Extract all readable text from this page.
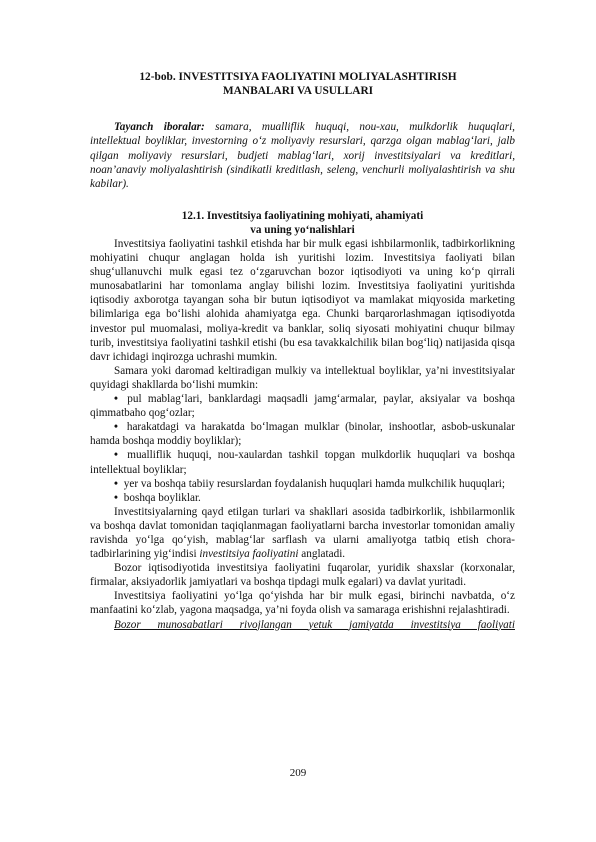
12-bob. INVESTITSIYA FAOLIYATINI MOLIYALASHTIRISH
MANBALARI VA USULLARI

Tayanch iboralar: samara, mualliflik huquqi, nou-xau, mulkdorlik huquqlari, intellektual boyliklar, investorning o‘z moliyaviy resurslari, qarzga olgan mablag‘lari, jalb qilgan moliyaviy resurslari, budjeti mablag‘lari, xorij investitsiyalari va kreditlari, noan’anaviy moliyalashtirish (sindikatli kreditlash, seleng, venchurli moliyalashtirish va shu kabilar).

12.1. Investitsiya faoliyatining mohiyati, ahamiyati
va uning yo‘nalishlari

Investitsiya faoliyatini tashkil etishda har bir mulk egasi ishbilarmonlik, tadbirkorlikning mohiyatini chuqur anglagan holda ish yuritishi lozim. Investitsiya faoliyati bilan shug‘ullanuvchi mulk egasi tez o‘zgaruvchan bozor iqtisodiyoti va uning ko‘p qirrali munosabatlarini har tomonlama anglay bilishi lozim. Investitsiya faoliyatini yuritishda iqtisodiy axborotga tayangan soha bir butun iqtisodiyot va mamlakat miqyosida marketing bilimlariga ega bo‘lishi alohida ahamiyatga ega. Chunki barqarorlashmagan iqtisodiyotda investor pul muomalasi, moliya-kredit va banklar, soliq siyosati mohiyatini chuqur bilmay turib, investitsiya faoliyatini tashkil etishi (bu esa tavakkalchilik bilan bog‘liq) natijasida qisqa davr ichidagi inqirozga uchrashi mumkin.

Samara yoki daromad keltiradigan mulkiy va intellektual boyliklar, ya’ni investitsiyalar quyidagi shakllarda bo‘lishi mumkin:

• pul mablag‘lari, banklardagi maqsadli jamg‘armalar, paylar, aksiyalar va boshqa qimmatbaho qog‘ozlar;

• harakatdagi va harakatda bo‘lmagan mulklar (binolar, inshootlar, asbob-uskunalar hamda boshqa moddiy boyliklar);

• mualliflik huquqi, nou-xaulardan tashkil topgan mulkdorlik huquqlari va boshqa intellektual boyliklar;

• yer va boshqa tabiiy resurslardan foydalanish huquqlari hamda mulkchilik huquqlari;

• boshqa boyliklar.

Investitsiyalarning qayd etilgan turlari va shakllari asosida tadbirkorlik, ishbilarmonlik va boshqa davlat tomonidan taqiqlanmagan faoliyatlarni barcha investorlar tomonidan amaliy ravishda yo‘lga qo‘yish, mablag‘lar sarflash va ularni amaliyotga tatbiq etish chora-tadbirlarining yig‘indisi investitsiya faoliyatini anglatadi.

Bozor iqtisodiyotida investitsiya faoliyatini fuqarolar, yuridik shaxslar (korxonalar, firmalar, aksiyadorlik jamiyatlari va boshqa tipdagi mulk egalari) va davlat yuritadi.

Investitsiya faoliyatini yo‘lga qo‘yishda har bir mulk egasi, birinchi navbatda, o‘z manfaatini ko‘zlab, yagona maqsadga, ya’ni foyda olish va samaraga erishishni rejalashtiradi.

Bozor munosabatlari rivojlangan yetuk jamiyatda investitsiya faoliyati

209
